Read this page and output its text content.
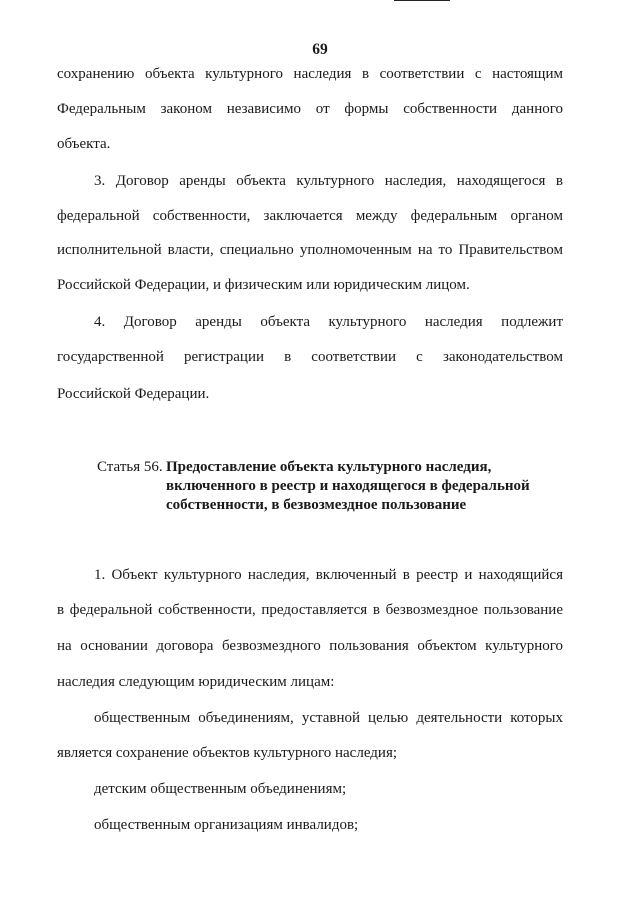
69
сохранению объекта культурного наследия в соответствии с настоящим
Федеральным законом независимо от формы собственности данного
объекта.
3. Договор аренды объекта культурного наследия, находящегося в
федеральной собственности, заключается между федеральным органом
исполнительной власти, специально уполномоченным на то Правительством
Российской Федерации, и физическим или юридическим лицом.
4. Договор аренды объекта культурного наследия подлежит
государственной регистрации в соответствии с законодательством
Российской Федерации.
Статья 56. Предоставление объекта культурного наследия,
включенного в реестр и находящегося в федеральной
собственности, в безвозмездное пользование
1. Объект культурного наследия, включенный в реестр и находящийся
в федеральной собственности, предоставляется в безвозмездное пользование
на основании договора безвозмездного пользования объектом культурного
наследия следующим юридическим лицам:
общественным объединениям, уставной целью деятельности которых
является сохранение объектов культурного наследия;
детским общественным объединениям;
общественным организациям инвалидов;
